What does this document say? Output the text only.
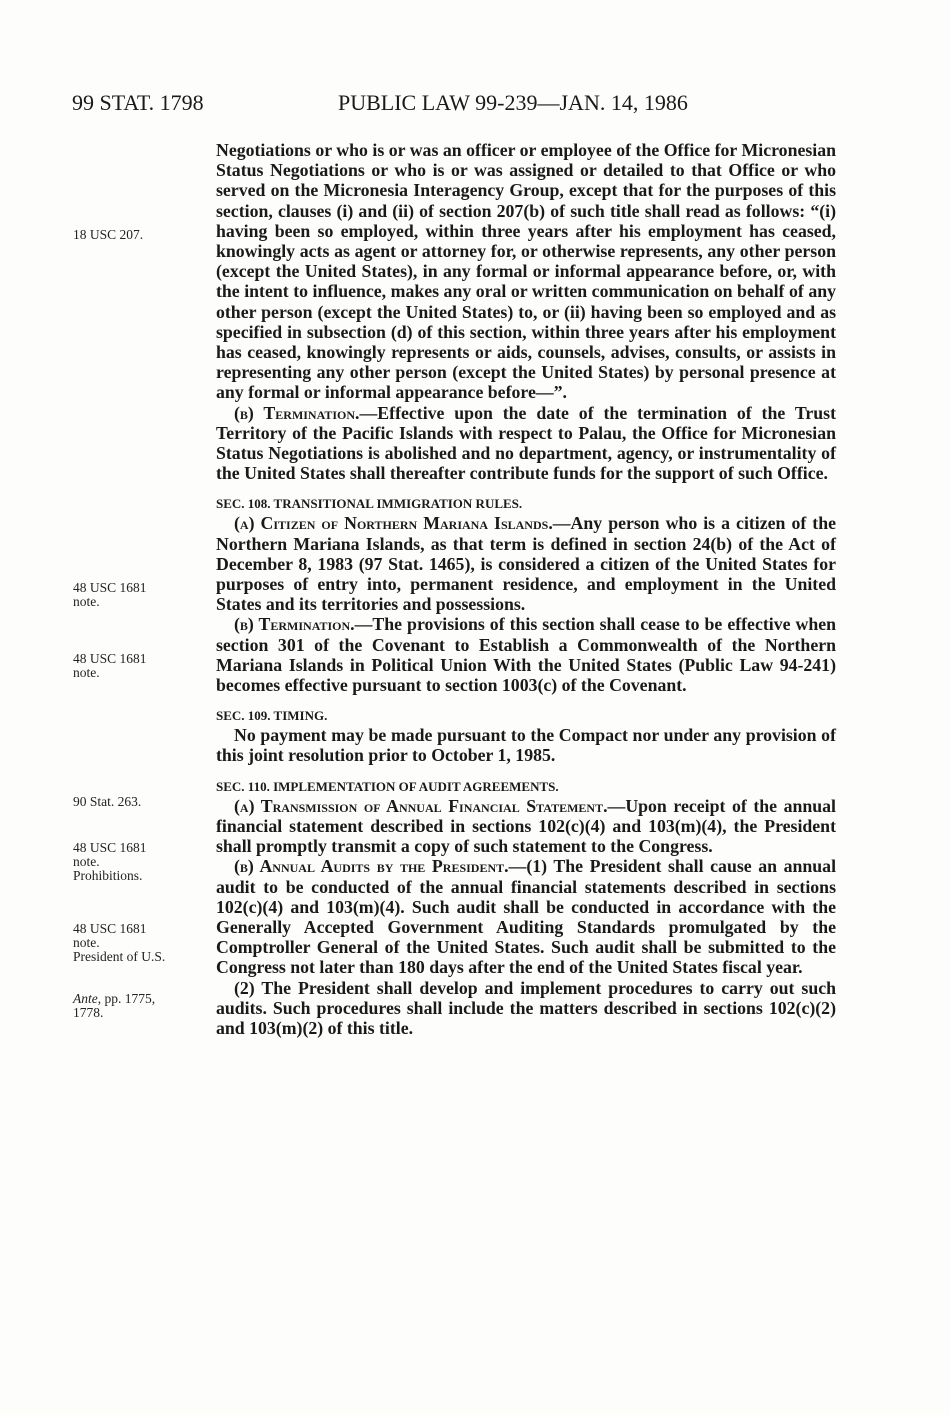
99 STAT. 1798	PUBLIC LAW 99-239—JAN. 14, 1986
18 USC 207.
48 USC 1681
note.
48 USC 1681
note.
90 Stat. 263.
48 USC 1681
note.
Prohibitions.
48 USC 1681
note.
President of U.S.
Ante, pp. 1775,
1778.

Negotiations or who is or was an officer or employee of the Office for Micronesian Status Negotiations or who is or was assigned or detailed to that Office or who served on the Micronesia Interagency Group, except that for the purposes of this section, clauses (i) and (ii) of section 207(b) of such title shall read as follows: “(i) having been so employed, within three years after his employment has ceased, knowingly acts as agent or attorney for, or otherwise represents, any other person (except the United States), in any formal or informal appearance before, or, with the intent to influence, makes any oral or written communication on behalf of any other person (except the United States) to, or (ii) having been so employed and as specified in subsection (d) of this section, within three years after his employment has ceased, knowingly represents or aids, counsels, advises, consults, or assists in representing any other person (except the United States) by personal presence at any formal or informal appearance before—”.

(b) Termination.—Effective upon the date of the termination of the Trust Territory of the Pacific Islands with respect to Palau, the Office for Micronesian Status Negotiations is abolished and no department, agency, or instrumentality of the United States shall thereafter contribute funds for the support of such Office.

SEC. 108. TRANSITIONAL IMMIGRATION RULES.

(a) Citizen of Northern Mariana Islands.—Any person who is a citizen of the Northern Mariana Islands, as that term is defined in section 24(b) of the Act of December 8, 1983 (97 Stat. 1465), is considered a citizen of the United States for purposes of entry into, permanent residence, and employment in the United States and its territories and possessions.

(b) Termination.—The provisions of this section shall cease to be effective when section 301 of the Covenant to Establish a Commonwealth of the Northern Mariana Islands in Political Union With the United States (Public Law 94-241) becomes effective pursuant to section 1003(c) of the Covenant.

SEC. 109. TIMING.

No payment may be made pursuant to the Compact nor under any provision of this joint resolution prior to October 1, 1985.

SEC. 110. IMPLEMENTATION OF AUDIT AGREEMENTS.

(a) Transmission of Annual Financial Statement.—Upon receipt of the annual financial statement described in sections 102(c)(4) and 103(m)(4), the President shall promptly transmit a copy of such statement to the Congress.

(b) Annual Audits by the President.—(1) The President shall cause an annual audit to be conducted of the annual financial statements described in sections 102(c)(4) and 103(m)(4). Such audit shall be conducted in accordance with the Generally Accepted Government Auditing Standards promulgated by the Comptroller General of the United States. Such audit shall be submitted to the Congress not later than 180 days after the end of the United States fiscal year.

(2) The President shall develop and implement procedures to carry out such audits. Such procedures shall include the matters described in sections 102(c)(2) and 103(m)(2) of this title.
